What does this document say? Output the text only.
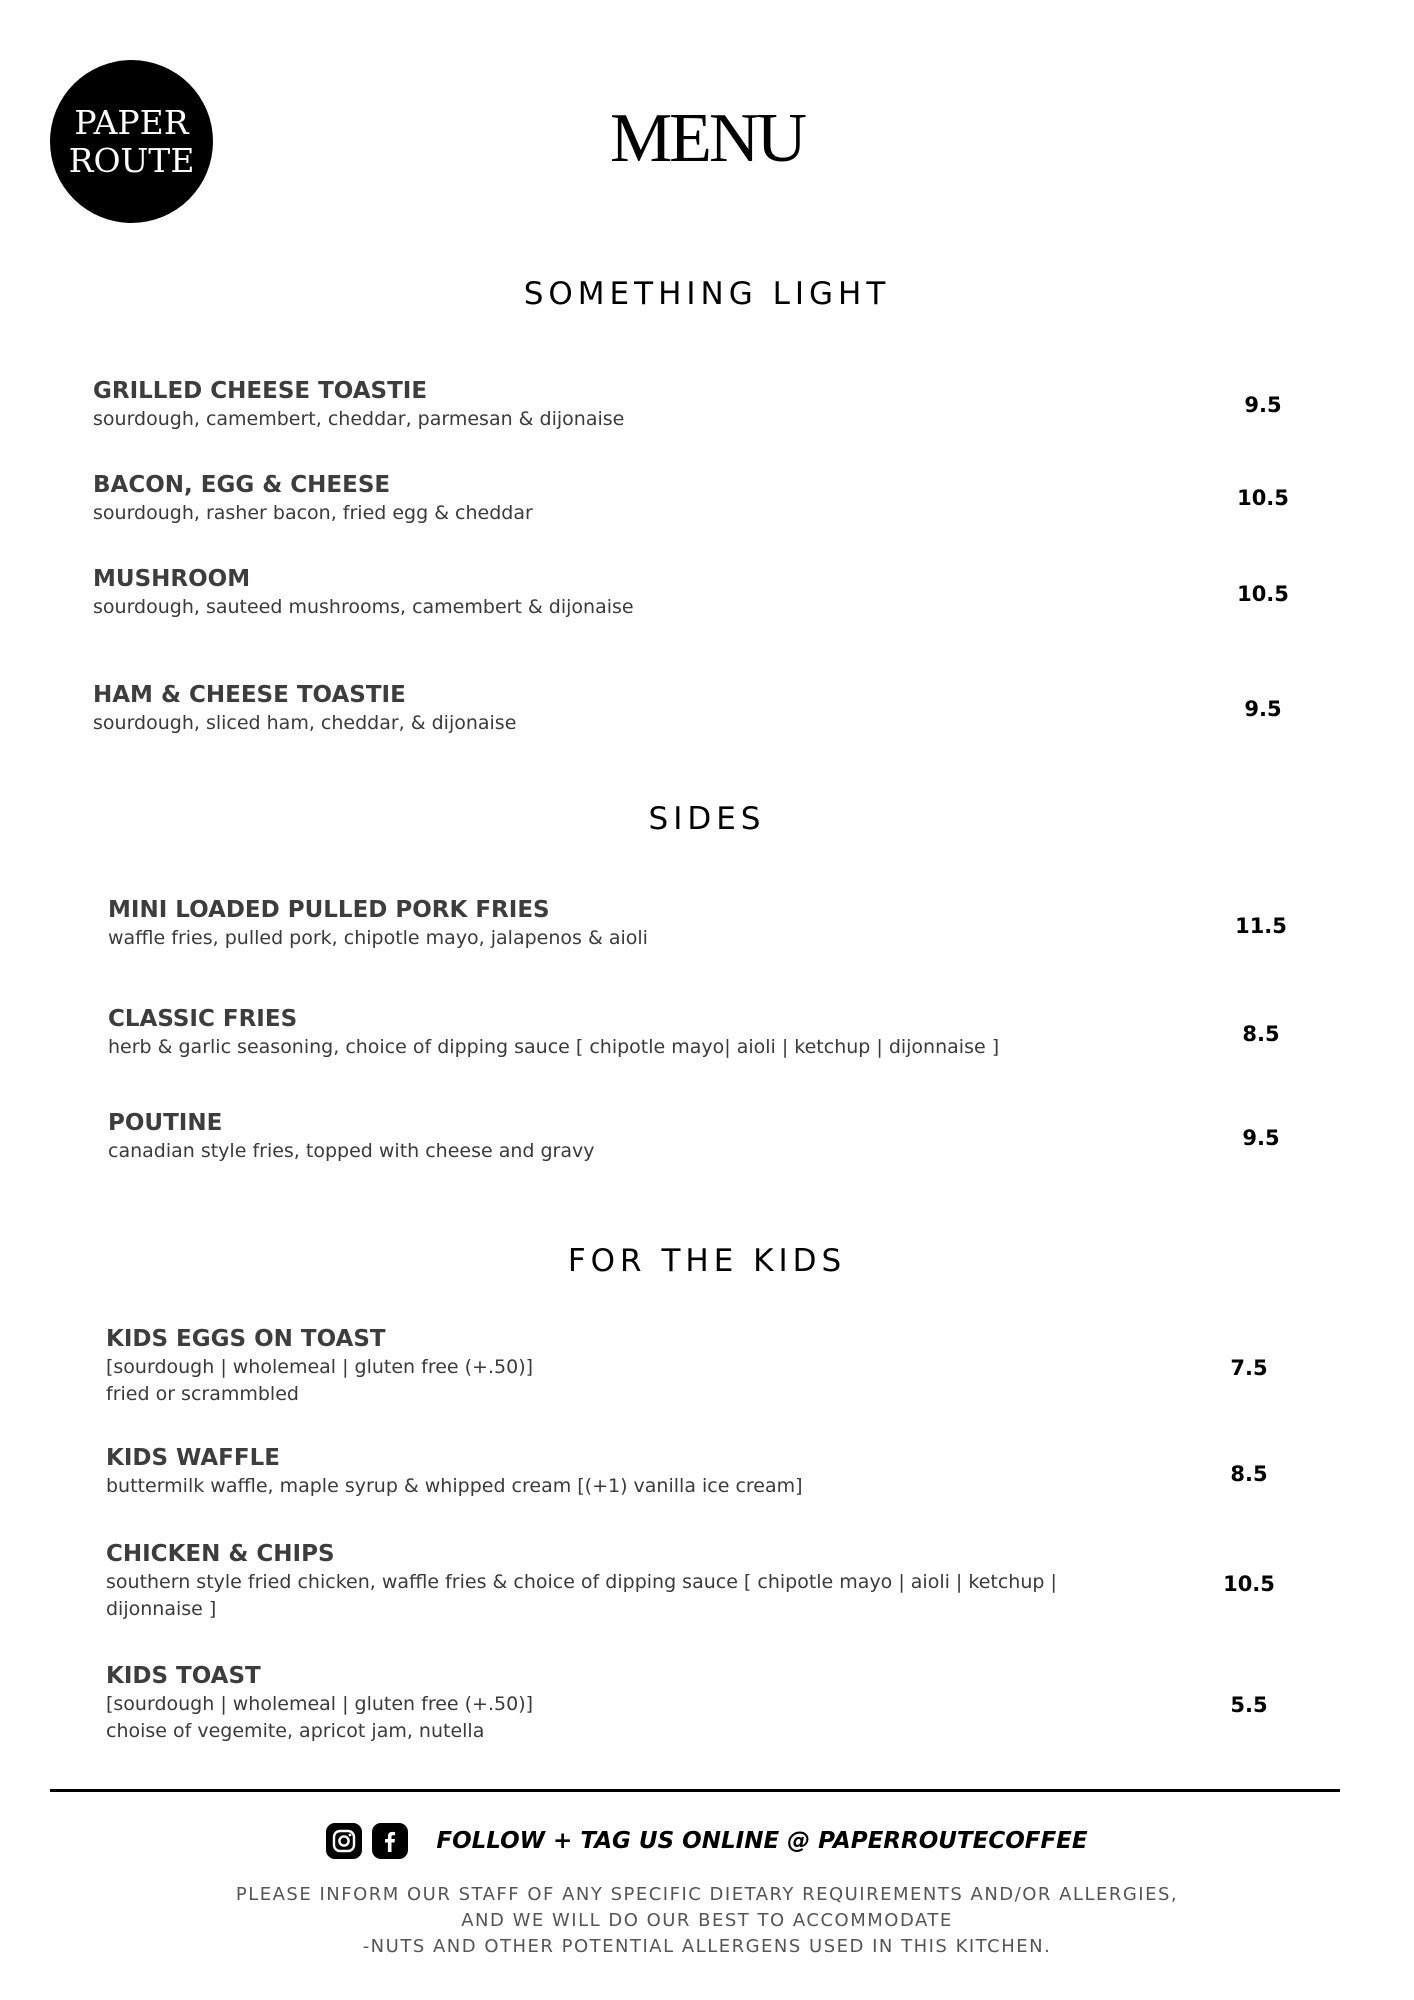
PAPER
ROUTE	MENU
SOMETHING LIGHT
GRILLED CHEESE TOASTIE
sourdough, camembert, cheddar, parmesan & dijonaise
9.5
BACON, EGG & CHEESE
sourdough, rasher bacon, fried egg & cheddar
10.5
MUSHROOM
sourdough, sauteed mushrooms, camembert & dijonaise
10.5
HAM & CHEESE TOASTIE
sourdough, sliced ham, cheddar, & dijonaise
9.5
SIDES
MINI LOADED PULLED PORK FRIES
waffle fries, pulled pork, chipotle mayo, jalapenos & aioli	11.5
CLASSIC FRIES
herb & garlic seasoning, choice of dipping sauce [ chipotle mayo| aioli | ketchup | dijonnaise ]
8.5
POUTINE
canadian style fries, topped with cheese and gravy
9.5
FOR THE KIDS
KIDS EGGS ON TOAST
[sourdough | wholemeal | gluten free (+.50)]
fried or scrammbled
7.5
KIDS WAFFLE
buttermilk waffle, maple syrup & whipped cream [(+1) vanilla ice cream]	8.5
CHICKEN & CHIPS
southern style fried chicken, waffle fries & choice of dipping sauce [ chipotle mayo | aioli | ketchup |
dijonnaise ]
10.5
KIDS TOAST
[sourdough | wholemeal | gluten free (+.50)]
choise of vegemite, apricot jam, nutella
5.5
FOLLOW + TAG US ONLINE @ PAPERROUTECOFFEE
PLEASE INFORM OUR STAFF OF ANY SPECIFIC DIETARY REQUIREMENTS AND/OR ALLERGIES,
AND WE WILL DO OUR BEST TO ACCOMMODATE
-NUTS AND OTHER POTENTIAL ALLERGENS USED IN THIS KITCHEN.
